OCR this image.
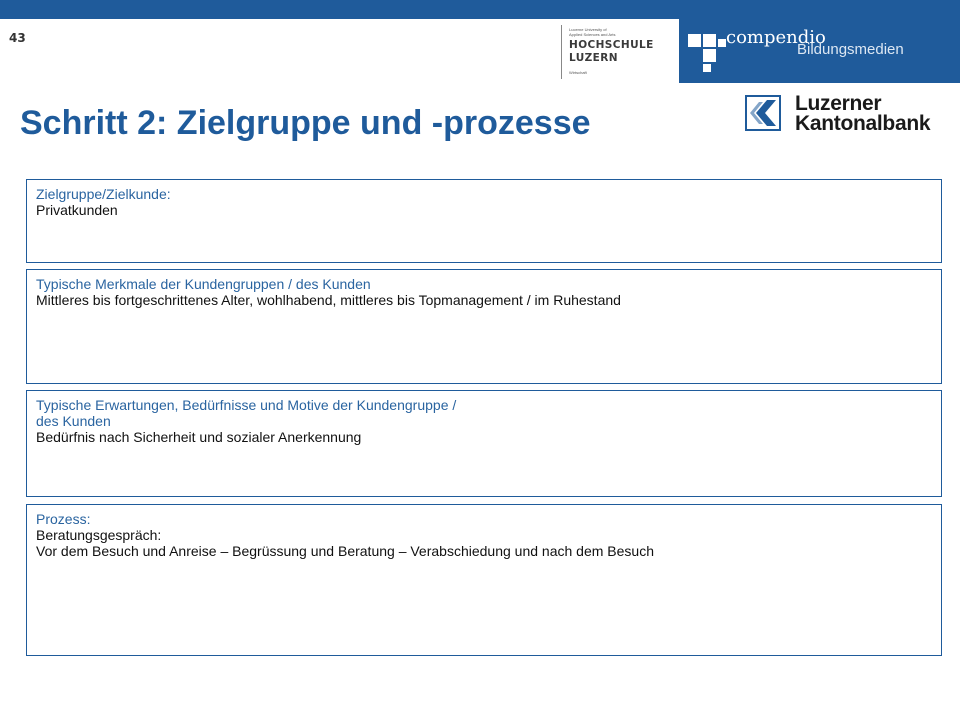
43
Lucerne University of
Applied Sciences and Arts
HOCHSCHULE
LUZERN
Wirtschaft
compendio
Bildungsmedien
Schritt 2: Zielgruppe und -prozesse
Luzerner
Kantonalbank
Zielgruppe/Zielkunde:
Privatkunden
Typische Merkmale der Kundengruppen / des Kunden
Mittleres bis fortgeschrittenes Alter, wohlhabend, mittleres bis Topmanagement / im Ruhestand
Typische Erwartungen, Bedürfnisse und Motive der Kundengruppe /
des Kunden
Bedürfnis nach Sicherheit und sozialer Anerkennung
Prozess:
Beratungsgespräch:
Vor dem Besuch und Anreise – Begrüssung und Beratung – Verabschiedung und nach dem Besuch
